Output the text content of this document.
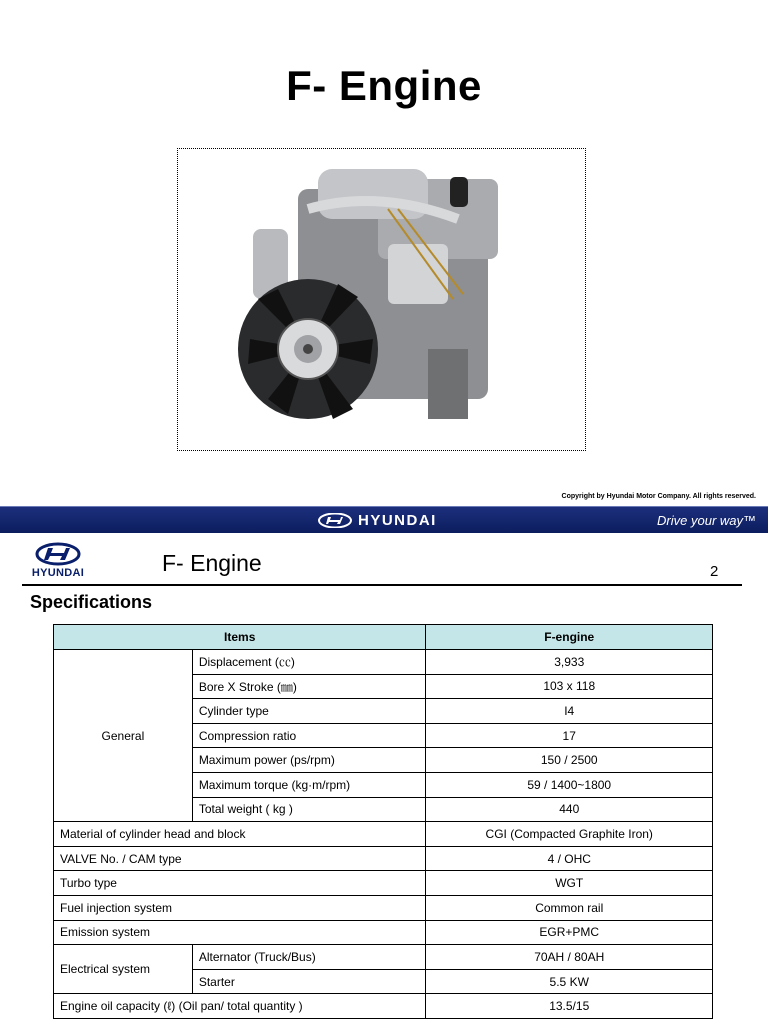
F- Engine
Copyright by Hyundai Motor Company. All rights reserved.
HYUNDAI	Drive your way™
HYUNDAI	F- Engine	2
Specifications
Items		F-engine
General	Displacement (㏄)	3,933
	Bore X Stroke (㎜)	103 x 118
	Cylinder type	I4
	Compression ratio	17
	Maximum power (ps/rpm)	150 / 2500
	Maximum torque (kg·m/rpm)	59 / 1400~1800
	Total weight ( kg )	440
Material of cylinder head and block		CGI (Compacted Graphite Iron)
VALVE No. / CAM type		4 / OHC
Turbo type		WGT
Fuel injection system		Common rail
Emission system		EGR+PMC
Electrical system	Alternator (Truck/Bus)	70AH / 80AH
	Starter	5.5 KW
Engine oil capacity (ℓ) (Oil pan/ total quantity )		13.5/15
